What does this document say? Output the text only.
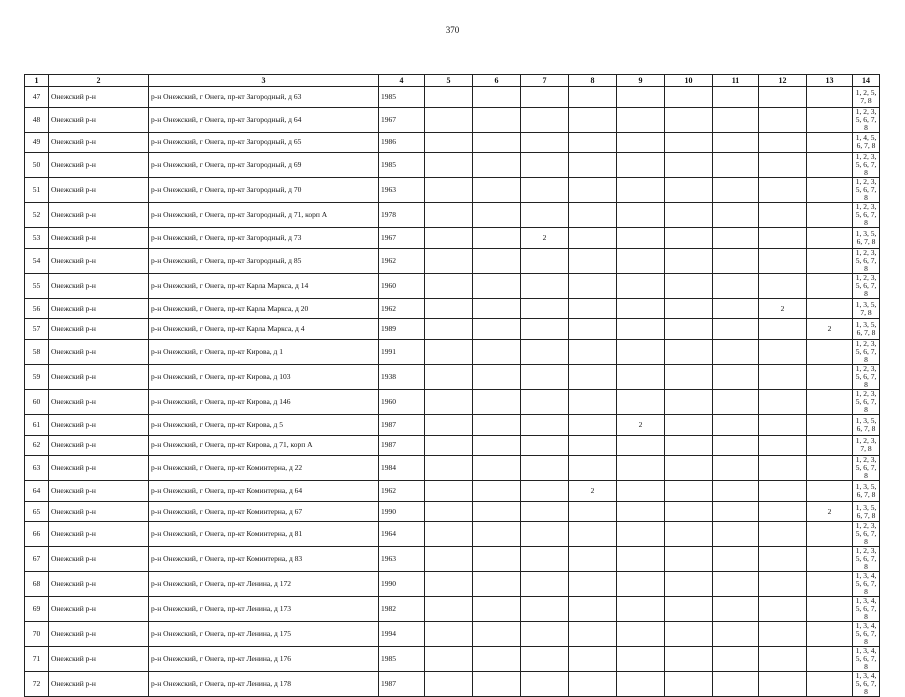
370
1	2	3	4	5	6	7	8	9	10	11	12	13	14
47	Онежский р-н	р-н Онежский, г Онега, пр-кт Загородный, д 63	1985										1, 2, 5, 7, 8
48	Онежский р-н	р-н Онежский, г Онега, пр-кт Загородный, д 64	1967										1, 2, 3, 5, 6, 7, 8
49	Онежский р-н	р-н Онежский, г Онега, пр-кт Загородный, д 65	1986										1, 4, 5, 6, 7, 8
50	Онежский р-н	р-н Онежский, г Онега, пр-кт Загородный, д 69	1985										1, 2, 3, 5, 6, 7, 8
51	Онежский р-н	р-н Онежский, г Онега, пр-кт Загородный, д 70	1963										1, 2, 3, 5, 6, 7, 8
52	Онежский р-н	р-н Онежский, г Онега, пр-кт Загородный, д 71, корп А	1978										1, 2, 3, 5, 6, 7, 8
53	Онежский р-н	р-н Онежский, г Онега, пр-кт Загородный, д 73	1967			2							1, 3, 5, 6, 7, 8
54	Онежский р-н	р-н Онежский, г Онега, пр-кт Загородный, д 85	1962										1, 2, 3, 5, 6, 7, 8
55	Онежский р-н	р-н Онежский, г Онега, пр-кт Карла Маркса, д 14	1960										1, 2, 3, 5, 6, 7, 8
56	Онежский р-н	р-н Онежский, г Онега, пр-кт Карла Маркса, д 20	1962								2		1, 3, 5, 7, 8
57	Онежский р-н	р-н Онежский, г Онега, пр-кт Карла Маркса, д 4	1989									2	1, 3, 5, 6, 7, 8
58	Онежский р-н	р-н Онежский, г Онега, пр-кт Кирова, д 1	1991										1, 2, 3, 5, 6, 7, 8
59	Онежский р-н	р-н Онежский, г Онега, пр-кт Кирова, д 103	1938										1, 2, 3, 5, 6, 7, 8
60	Онежский р-н	р-н Онежский, г Онега, пр-кт Кирова, д 146	1960										1, 2, 3, 5, 6, 7, 8
61	Онежский р-н	р-н Онежский, г Онега, пр-кт Кирова, д 5	1987					2					1, 3, 5, 6, 7, 8
62	Онежский р-н	р-н Онежский, г Онега, пр-кт Кирова, д 71, корп А	1987										1, 2, 3, 7, 8
63	Онежский р-н	р-н Онежский, г Онега, пр-кт Коминтерна, д 22	1984										1, 2, 3, 5, 6, 7, 8
64	Онежский р-н	р-н Онежский, г Онега, пр-кт Коминтерна, д 64	1962				2						1, 3, 5, 6, 7, 8
65	Онежский р-н	р-н Онежский, г Онега, пр-кт Коминтерна, д 67	1990									2	1, 3, 5, 6, 7, 8
66	Онежский р-н	р-н Онежский, г Онега, пр-кт Коминтерна, д 81	1964										1, 2, 3, 5, 6, 7, 8
67	Онежский р-н	р-н Онежский, г Онега, пр-кт Коминтерна, д 83	1963										1, 2, 3, 5, 6, 7, 8
68	Онежский р-н	р-н Онежский, г Онега, пр-кт Ленина, д 172	1990										1, 3, 4, 5, 6, 7, 8
69	Онежский р-н	р-н Онежский, г Онега, пр-кт Ленина, д 173	1982										1, 3, 4, 5, 6, 7, 8
70	Онежский р-н	р-н Онежский, г Онега, пр-кт Ленина, д 175	1994										1, 3, 4, 5, 6, 7, 8
71	Онежский р-н	р-н Онежский, г Онега, пр-кт Ленина, д 176	1985										1, 3, 4, 5, 6, 7, 8
72	Онежский р-н	р-н Онежский, г Онега, пр-кт Ленина, д 178	1987										1, 3, 4, 5, 6, 7, 8
